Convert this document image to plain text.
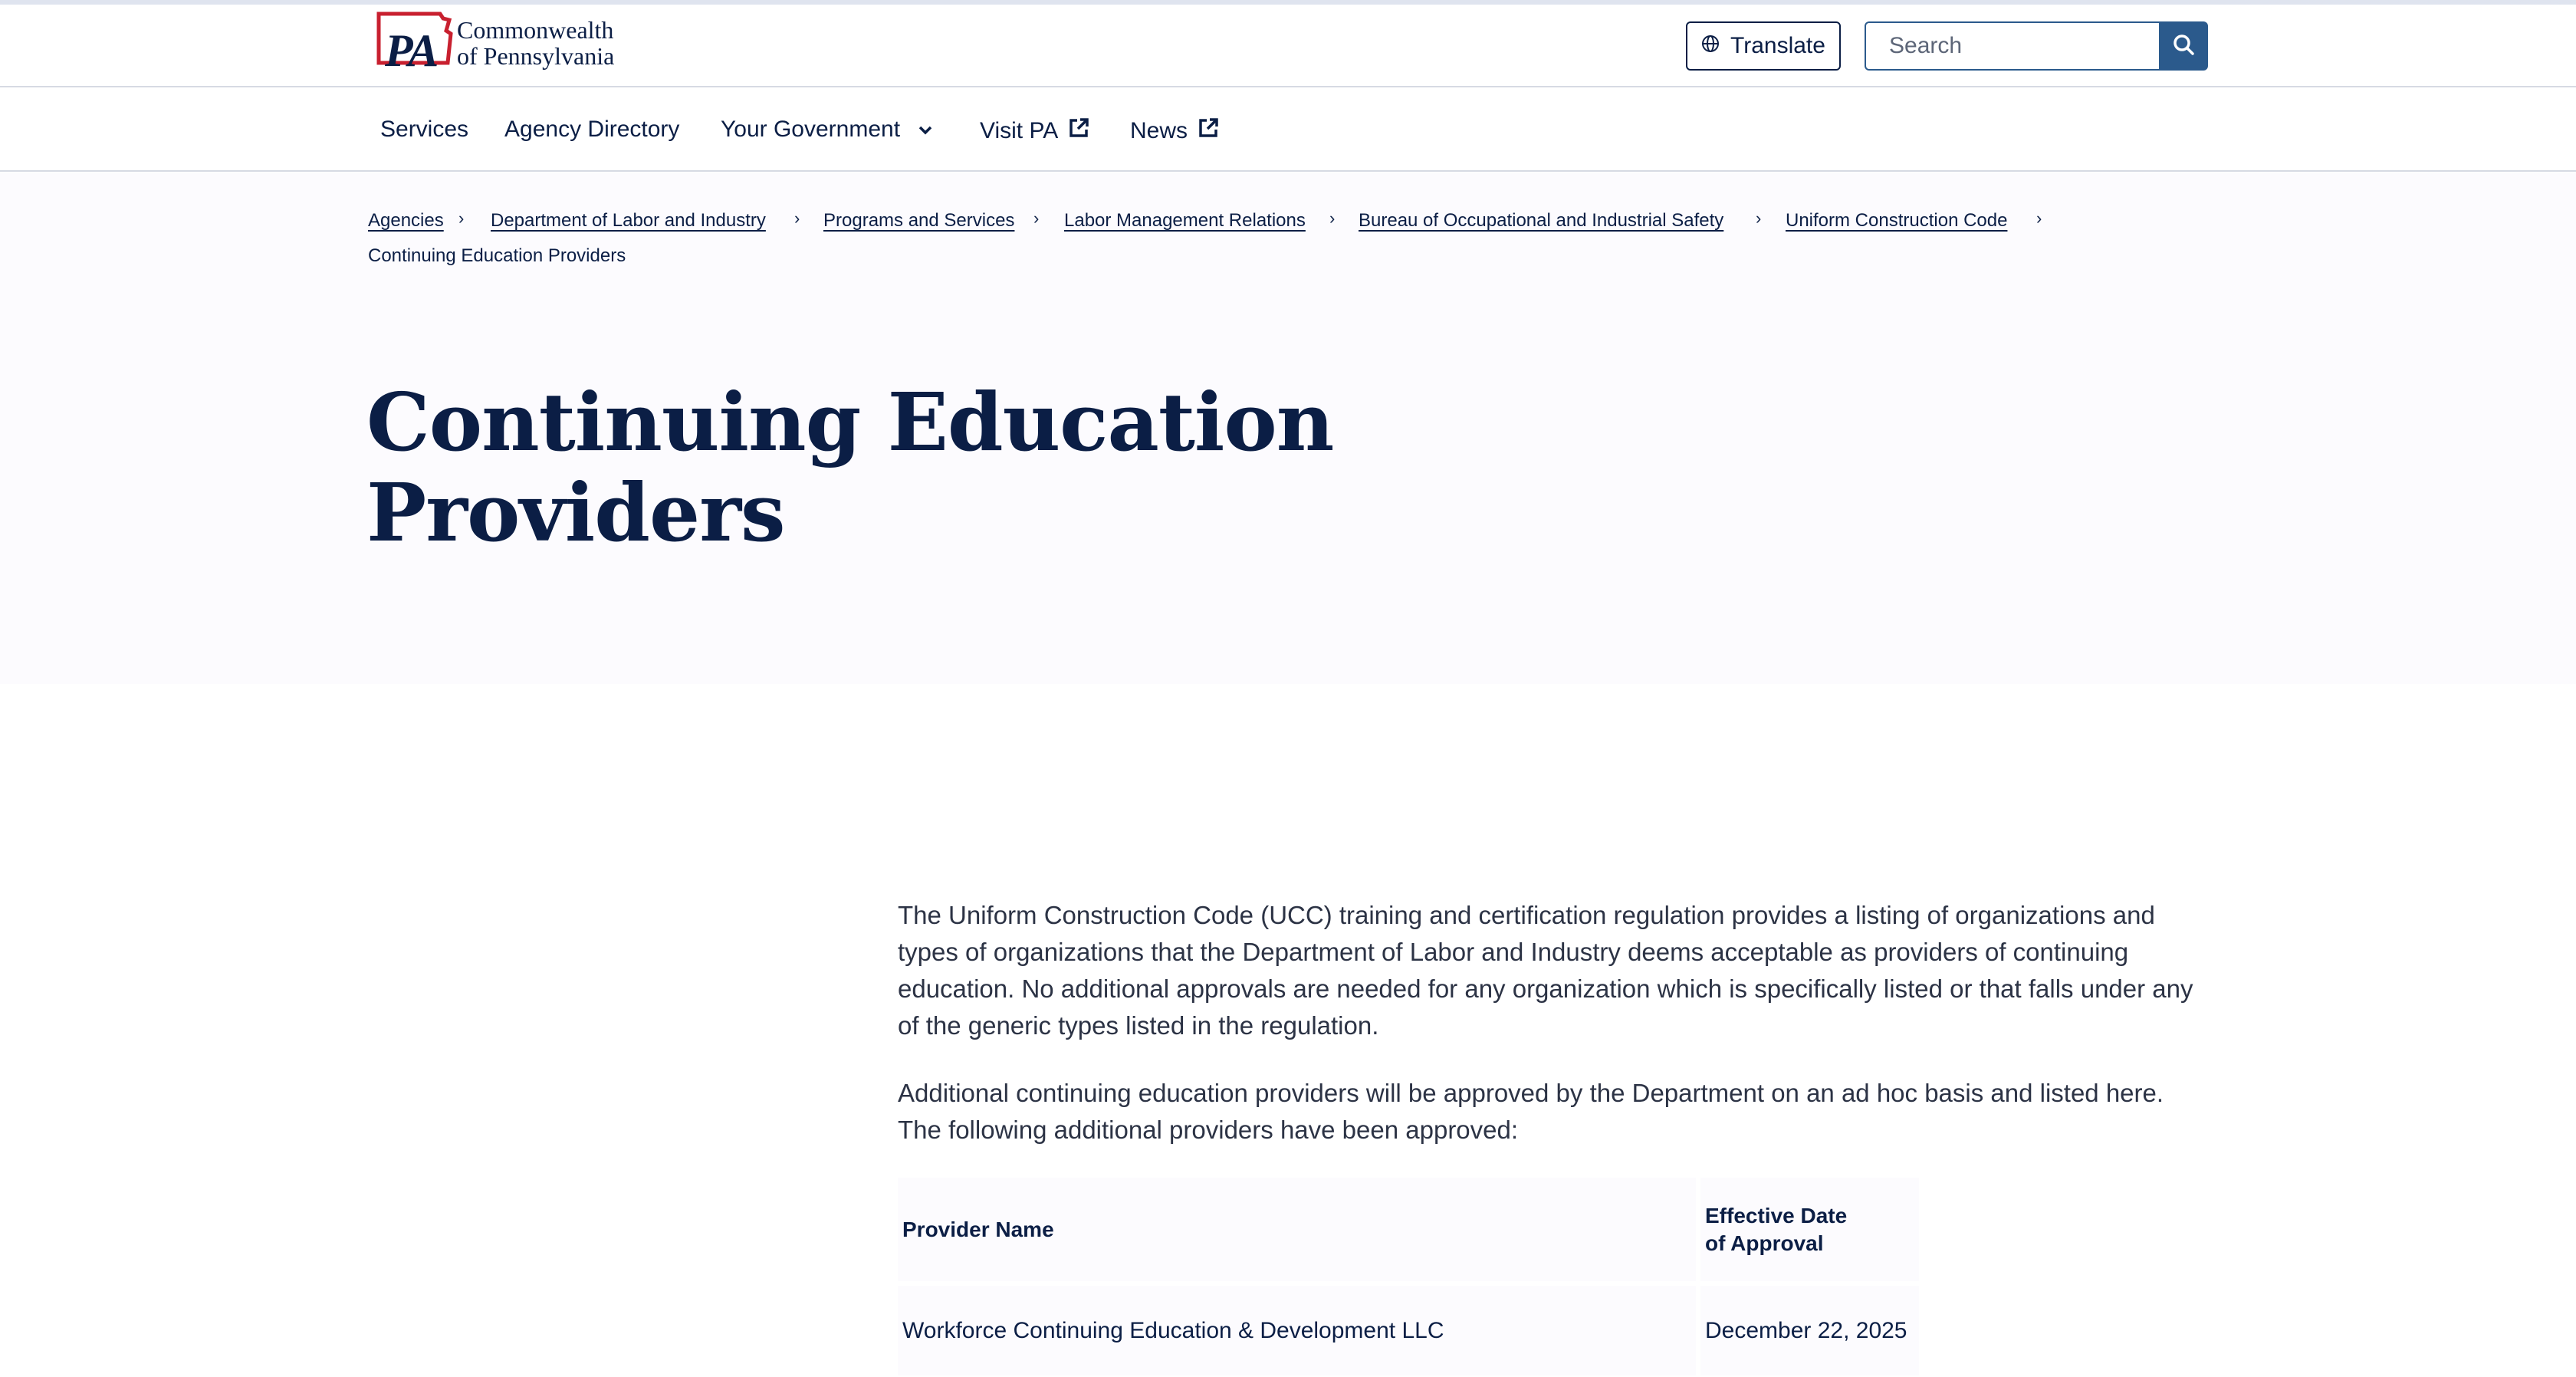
PA Commonwealth
of Pennsylvania	Translate
Search
Services Agency Directory Your Government	Visit PA	News
Agencies › Department of Labor and Industry › Programs and Services › Labor Management Relations › Bureau of Occupational and Industrial Safety › Uniform Construction Code ›
Continuing Education Providers
Continuing Education
Providers

The Uniform Construction Code (UCC) training and certification regulation provides a listing of organizations and types of organizations that the Department of Labor and Industry deems acceptable as providers of continuing education. No additional approvals are needed for any organization which is specifically listed or that falls under any of the generic types listed in the regulation.

Additional continuing education providers will be approved by the Department on an ad hoc basis and listed here. The following additional providers have been approved:

Provider Name	Effective Date
of Approval
Workforce Continuing Education & Development LLC	December 22, 2025
